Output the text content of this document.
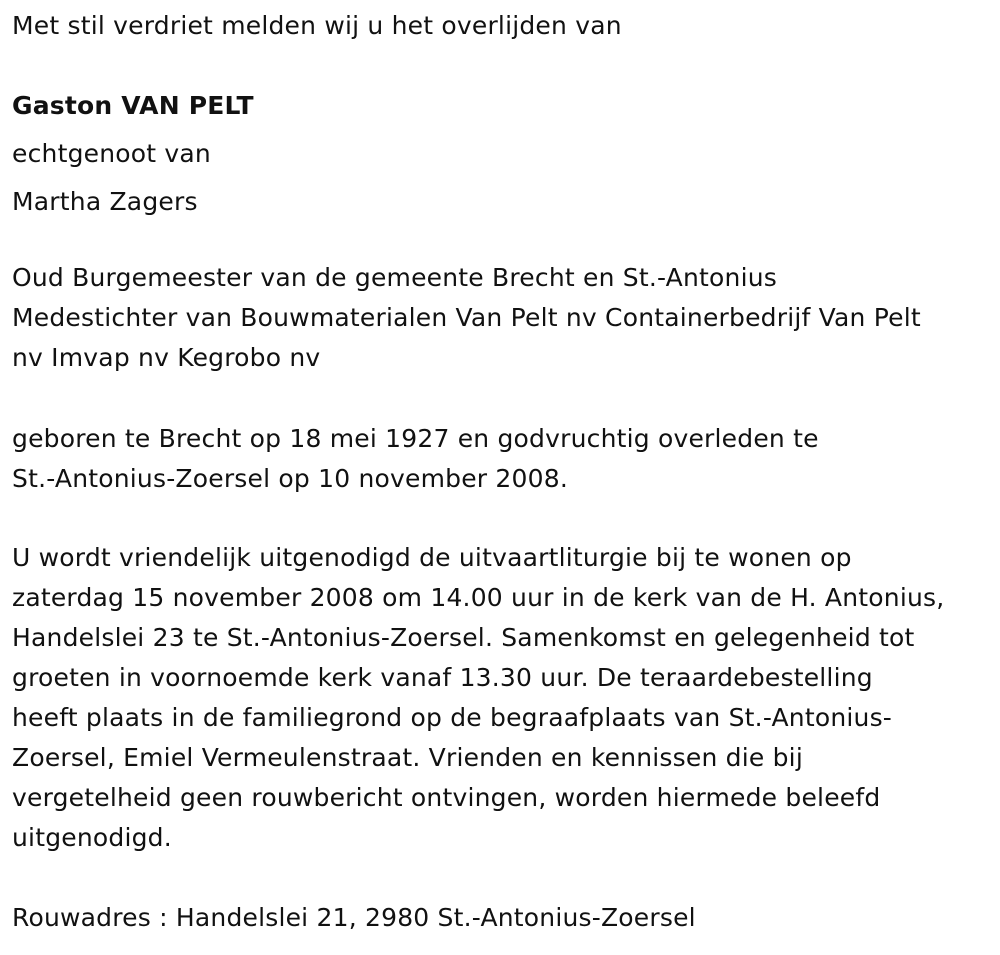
Met stil verdriet melden wij u het overlijden van
Gaston VAN PELT
echtgenoot van
Martha Zagers
Oud Burgemeester van de gemeente Brecht en St.-Antonius
Medestichter van Bouwmaterialen Van Pelt nv Containerbedrijf Van Pelt
nv Imvap nv Kegrobo nv
geboren te Brecht op 18 mei 1927 en godvruchtig overleden te
St.-Antonius-Zoersel op 10 november 2008.
U wordt vriendelijk uitgenodigd de uitvaartliturgie bij te wonen op
zaterdag 15 november 2008 om 14.00 uur in de kerk van de H. Antonius,
Handelslei 23 te St.-Antonius-Zoersel. Samenkomst en gelegenheid tot
groeten in voornoemde kerk vanaf 13.30 uur. De teraardebestelling
heeft plaats in de familiegrond op de begraafplaats van St.-Antonius-
Zoersel, Emiel Vermeulenstraat. Vrienden en kennissen die bij
vergetelheid geen rouwbericht ontvingen, worden hiermede beleefd
uitgenodigd.
Rouwadres : Handelslei 21, 2980 St.-Antonius-Zoersel
